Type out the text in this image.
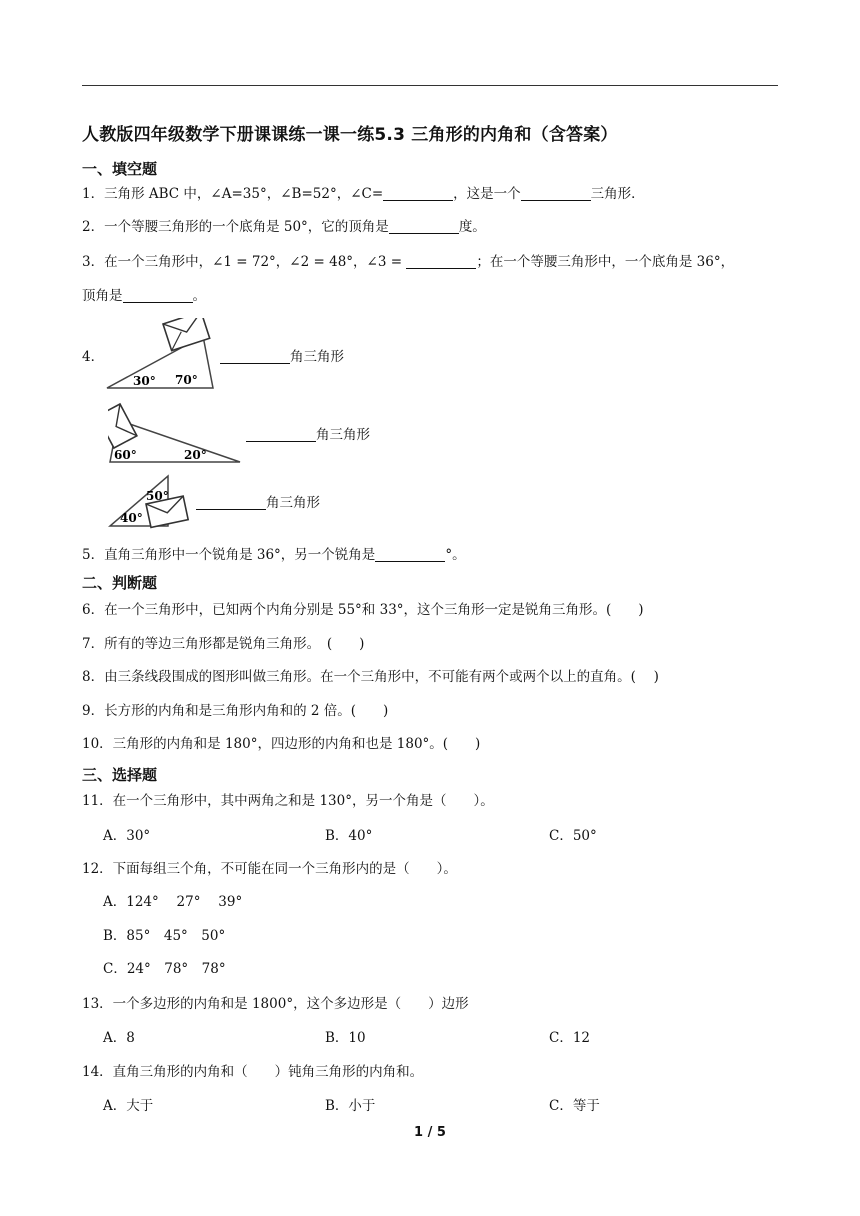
人教版四年级数学下册课课练一课一练5.3 三角形的内角和（含答案）
一、填空题
1．三角形 ABC 中，∠A=35°，∠B=52°，∠C=	，这是一个	三角形．
2．一个等腰三角形的一个底角是 50°，它的顶角是	度。
3．在一个三角形中，∠1 = 72°，∠2 = 48°，∠3 =	；在一个等腰三角形中，一个底角是 36°，
顶角是	。
4．
30° 70°
角三角形
60°	20°
角三角形
50°
40°
角三角形
5．直角三角形中一个锐角是 36°，另一个锐角是	°。
二、判断题
6．在一个三角形中，已知两个内角分别是 55°和 33°，这个三角形一定是锐角三角形。(　　)
7．所有的等边三角形都是锐角三角形。　(　　)
8．由三条线段围成的图形叫做三角形。在一个三角形中，不可能有两个或两个以上的直角。(　 )
9．长方形的内角和是三角形内角和的 2 倍。(　　)
10．三角形的内角和是 180°，四边形的内角和也是 180°。(　　)
三、选择题
11．在一个三角形中，其中两角之和是 130°，另一个角是（　　）。
A．30°	B．40°	C．50°
12．下面每组三个角，不可能在同一个三角形内的是（　　）。
A．124°　 27°　 39°
B．85°　45°　50°
C．24°　78°　78°
13．一个多边形的内角和是 1800°，这个多边形是（　　）边形
A．8	B．10	C．12
14．直角三角形的内角和（　　）钝角三角形的内角和。
A．大于	B．小于	C．等于
1 / 5
